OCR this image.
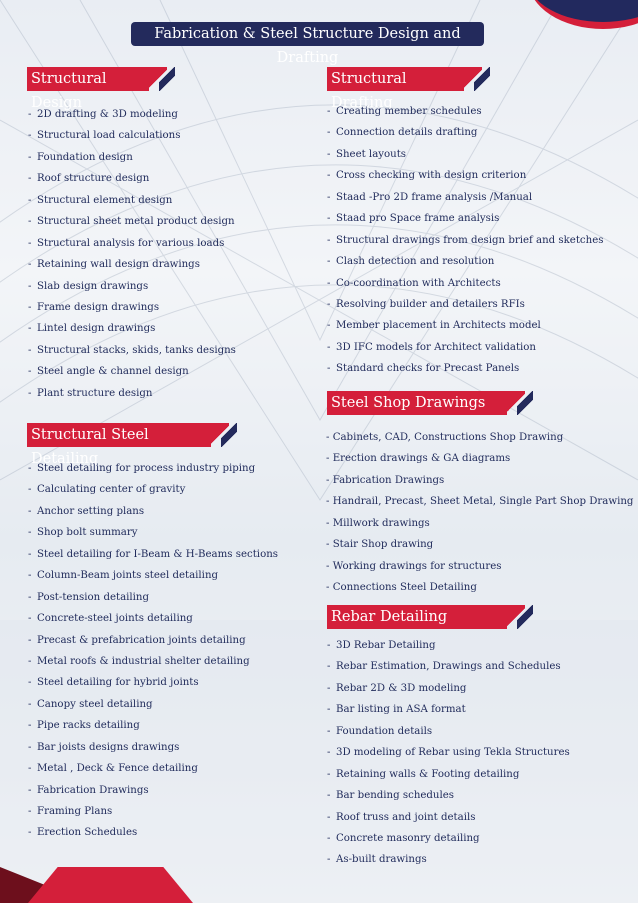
Fabrication & Steel Structure Design and Drafting
Structural Design
- 2D drafting & 3D modeling
- Structural load calculations
- Foundation design
- Roof structure design
- Structural element design
- Structural sheet metal product design
- Structural analysis for various loads
- Retaining wall design drawings
- Slab design drawings
- Frame design drawings
- Lintel design drawings
- Structural stacks, skids, tanks designs
- Steel angle & channel design
- Plant structure design
Structural Steel Detailing
- Steel detailing for process industry piping
- Calculating center of gravity
- Anchor setting plans
- Shop bolt summary
- Steel detailing for I-Beam & H-Beams sections
- Column-Beam joints steel detailing
- Post-tension detailing
- Concrete-steel joints detailing
- Precast & prefabrication joints detailing
- Metal roofs & industrial shelter detailing
- Steel detailing for hybrid joints
- Canopy steel detailing
- Pipe racks detailing
- Bar joists designs drawings
- Metal , Deck & Fence detailing
- Fabrication Drawings
- Framing Plans
- Erection Schedules
Structural Drafting
- Creating member schedules
- Connection details drafting
- Sheet layouts
- Cross checking with design criterion
- Staad -Pro 2D frame analysis /Manual
- Staad pro Space frame analysis
- Structural drawings from design brief and sketches
- Clash detection and resolution
- Co-coordination with Architects
- Resolving builder and detailers RFIs
- Member placement in Architects model
- 3D IFC models for Architect validation
- Standard checks for Precast Panels
Steel Shop Drawings
- Cabinets, CAD, Constructions Shop Drawing
- Erection drawings & GA diagrams
- Fabrication Drawings
- Handrail, Precast, Sheet Metal, Single Part Shop Drawing
- Millwork drawings
- Stair Shop drawing
- Working drawings for structures
- Connections Steel Detailing
Rebar Detailing
- 3D Rebar Detailing
- Rebar Estimation, Drawings and Schedules
- Rebar 2D & 3D modeling
- Bar listing in ASA format
- Foundation details
- 3D modeling of Rebar using Tekla Structures
- Retaining walls & Footing detailing
- Bar bending schedules
- Roof truss and joint details
- Concrete masonry detailing
- As-built drawings
